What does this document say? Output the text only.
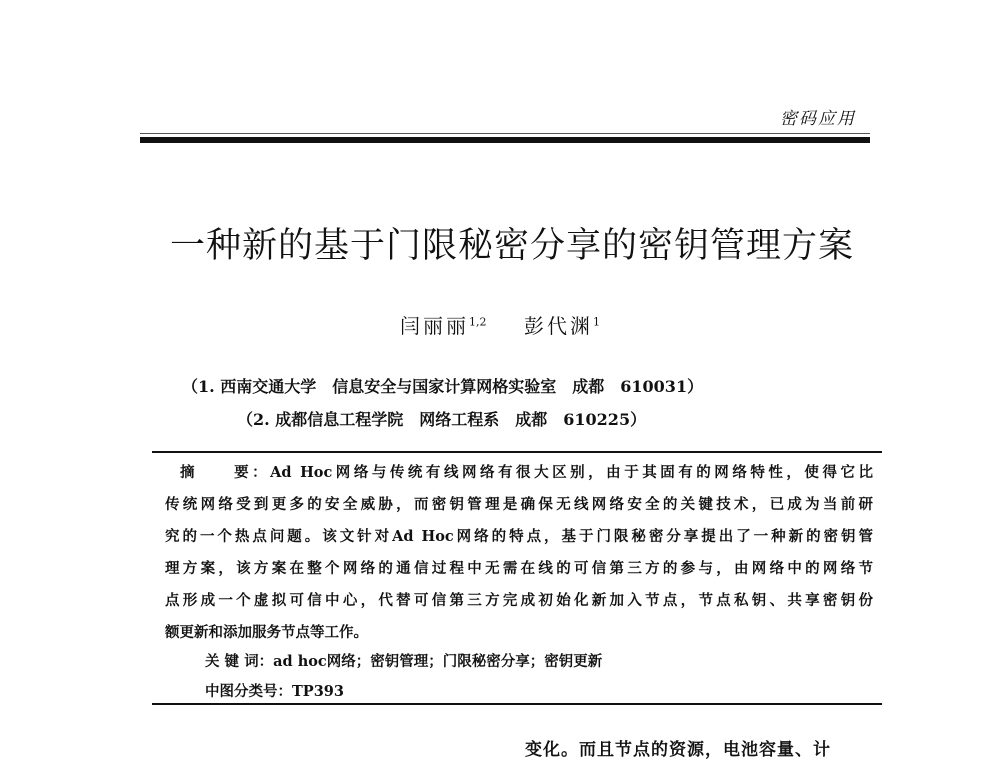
密码应用
一种新的基于门限秘密分享的密钥管理方案
闫丽丽$^{1,2}$ 彭代渊$^1$
（1. 西南交通大学　信息安全与国家计算网格实验室　成都　610031）
（2. 成都信息工程学院　网络工程系　成都　610225）
摘　　要：Ad Hoc网络与传统有线网络有很大区别，由于其固有的网络特性，使得它比
传统网络受到更多的安全威胁，而密钥管理是确保无线网络安全的关键技术，已成为当前研
究的一个热点问题。该文针对Ad Hoc网络的特点，基于门限秘密分享提出了一种新的密钥管
理方案，该方案在整个网络的通信过程中无需在线的可信第三方的参与，由网络中的网络节
点形成一个虚拟可信中心，代替可信第三方完成初始化新加入节点，节点私钥、共享密钥份
额更新和添加服务节点等工作。
关 键 词：ad hoc网络；密钥管理；门限秘密分享；密钥更新
中图分类号：TP393
变化。而且节点的资源，电池容量、计
